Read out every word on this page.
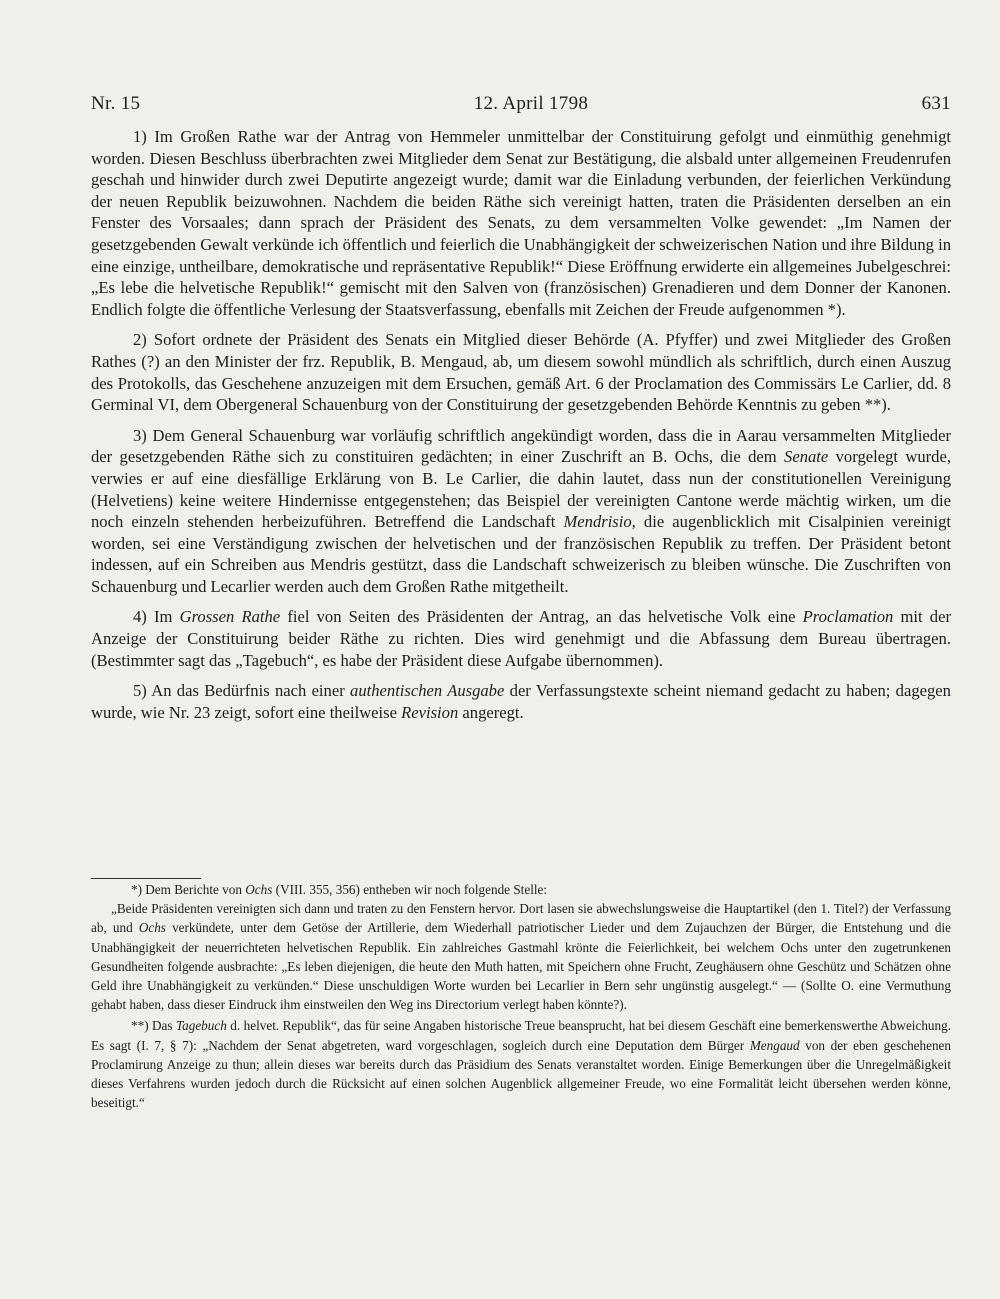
Nr. 15	12. April 1798	631

1) Im Großen Rathe war der Antrag von Hemmeler unmittelbar der Constituirung gefolgt und einmüthig genehmigt worden. Diesen Beschluss überbrachten zwei Mitglieder dem Senat zur Bestätigung, die alsbald unter allgemeinen Freudenrufen geschah und hinwider durch zwei Deputirte angezeigt wurde; damit war die Einladung verbunden, der feierlichen Verkündung der neuen Republik beizuwohnen. Nachdem die beiden Räthe sich vereinigt hatten, traten die Präsidenten derselben an ein Fenster des Vorsaales; dann sprach der Präsident des Senats, zu dem versammelten Volke gewendet: „Im Namen der gesetzgebenden Gewalt verkünde ich öffentlich und feierlich die Unabhängigkeit der schweizerischen Nation und ihre Bildung in eine einzige, untheilbare, demokratische und repräsentative Republik!“ Diese Eröffnung erwiderte ein allgemeines Jubelgeschrei: „Es lebe die helvetische Republik!“ gemischt mit den Salven von (französischen) Grenadieren und dem Donner der Kanonen. Endlich folgte die öffentliche Verlesung der Staatsverfassung, ebenfalls mit Zeichen der Freude aufgenommen *).

2) Sofort ordnete der Präsident des Senats ein Mitglied dieser Behörde (A. Pfyffer) und zwei Mitglieder des Großen Rathes (?) an den Minister der frz. Republik, B. Mengaud, ab, um diesem sowohl mündlich als schriftlich, durch einen Auszug des Protokolls, das Geschehene anzuzeigen mit dem Ersuchen, gemäß Art. 6 der Proclamation des Commissärs Le Carlier, dd. 8 Germinal VI, dem Obergeneral Schauenburg von der Constituirung der gesetzgebenden Behörde Kenntnis zu geben **).

3) Dem General Schauenburg war vorläufig schriftlich angekündigt worden, dass die in Aarau versammelten Mitglieder der gesetzgebenden Räthe sich zu constituiren gedächten; in einer Zuschrift an B. Ochs, die dem Senate vorgelegt wurde, verwies er auf eine diesfällige Erklärung von B. Le Carlier, die dahin lautet, dass nun der constitutionellen Vereinigung (Helvetiens) keine weitere Hindernisse entgegenstehen; das Beispiel der vereinigten Cantone werde mächtig wirken, um die noch einzeln stehenden herbeizuführen. Betreffend die Landschaft Mendrisio, die augenblicklich mit Cisalpinien vereinigt worden, sei eine Verständigung zwischen der helvetischen und der französischen Republik zu treffen. Der Präsident betont indessen, auf ein Schreiben aus Mendris gestützt, dass die Landschaft schweizerisch zu bleiben wünsche. Die Zuschriften von Schauenburg und Lecarlier werden auch dem Großen Rathe mitgetheilt.

4) Im Grossen Rathe fiel von Seiten des Präsidenten der Antrag, an das helvetische Volk eine Proclamation mit der Anzeige der Constituirung beider Räthe zu richten. Dies wird genehmigt und die Abfassung dem Bureau übertragen. (Bestimmter sagt das „Tagebuch“, es habe der Präsident diese Aufgabe übernommen).

5) An das Bedürfnis nach einer authentischen Ausgabe der Verfassungstexte scheint niemand gedacht zu haben; dagegen wurde, wie Nr. 23 zeigt, sofort eine theilweise Revision angeregt.

*) Dem Berichte von Ochs (VIII. 355, 356) entheben wir noch folgende Stelle:

„Beide Präsidenten vereinigten sich dann und traten zu den Fenstern hervor. Dort lasen sie abwechslungsweise die Hauptartikel (den 1. Titel?) der Verfassung ab, und Ochs verkündete, unter dem Getöse der Artillerie, dem Wiederhall patriotischer Lieder und dem Zujauchzen der Bürger, die Entstehung und die Unabhängigkeit der neuerrichteten helvetischen Republik. Ein zahlreiches Gastmahl krönte die Feierlichkeit, bei welchem Ochs unter den zugetrunkenen Gesundheiten folgende ausbrachte: „Es leben diejenigen, die heute den Muth hatten, mit Speichern ohne Frucht, Zeughäusern ohne Geschütz und Schätzen ohne Geld ihre Unabhängigkeit zu verkünden.“ Diese unschuldigen Worte wurden bei Lecarlier in Bern sehr ungünstig ausgelegt.“ — (Sollte O. eine Vermuthung gehabt haben, dass dieser Eindruck ihm einstweilen den Weg ins Directorium verlegt haben könnte?).

**) Das Tagebuch d. helvet. Republik“, das für seine Angaben historische Treue beansprucht, hat bei diesem Geschäft eine bemerkenswerthe Abweichung. Es sagt (I. 7, § 7): „Nachdem der Senat abgetreten, ward vorgeschlagen, sogleich durch eine Deputation dem Bürger Mengaud von der eben geschehenen Proclamirung Anzeige zu thun; allein dieses war bereits durch das Präsidium des Senats veranstaltet worden. Einige Bemerkungen über die Unregelmäßigkeit dieses Verfahrens wurden jedoch durch die Rücksicht auf einen solchen Augenblick allgemeiner Freude, wo eine Formalität leicht übersehen werden könne, beseitigt.“
